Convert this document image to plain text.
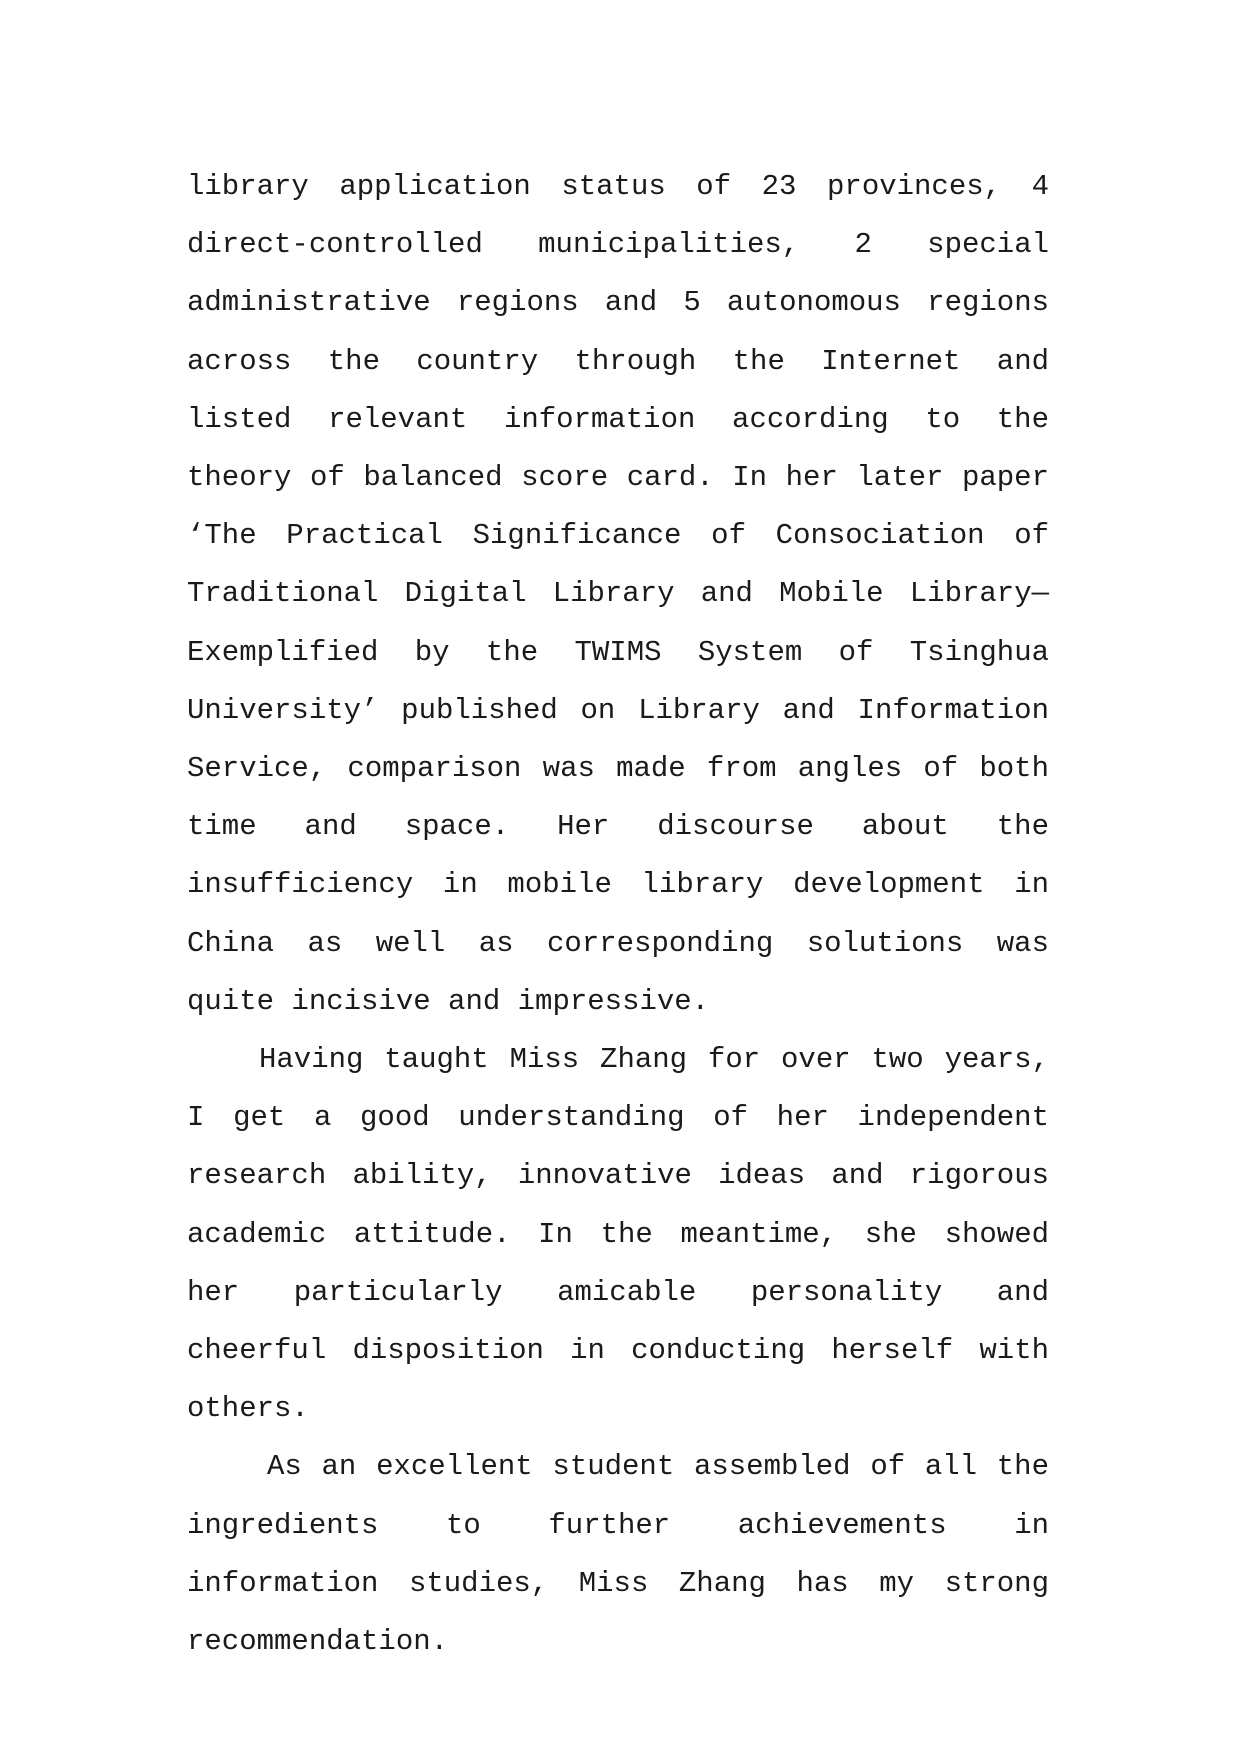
library application status of 23 provinces, 4 direct-controlled municipalities, 2 special administrative regions and 5 autonomous regions across the country through the Internet and listed relevant information according to the theory of balanced score card. In her later paper ‘The Practical Significance of Consociation of Traditional Digital Library and Mobile Library—Exemplified by the TWIMS System of Tsinghua University’ published on Library and Information Service, comparison was made from angles of both time and space. Her discourse about the insufficiency in mobile library development in China as well as corresponding solutions was quite incisive and impressive.

Having taught Miss Zhang for over two years, I get a good understanding of her independent research ability, innovative ideas and rigorous academic attitude. In the meantime, she showed her particularly amicable personality and cheerful disposition in conducting herself with others.

As an excellent student assembled of all the ingredients to further achievements in information studies, Miss Zhang has my strong recommendation.
